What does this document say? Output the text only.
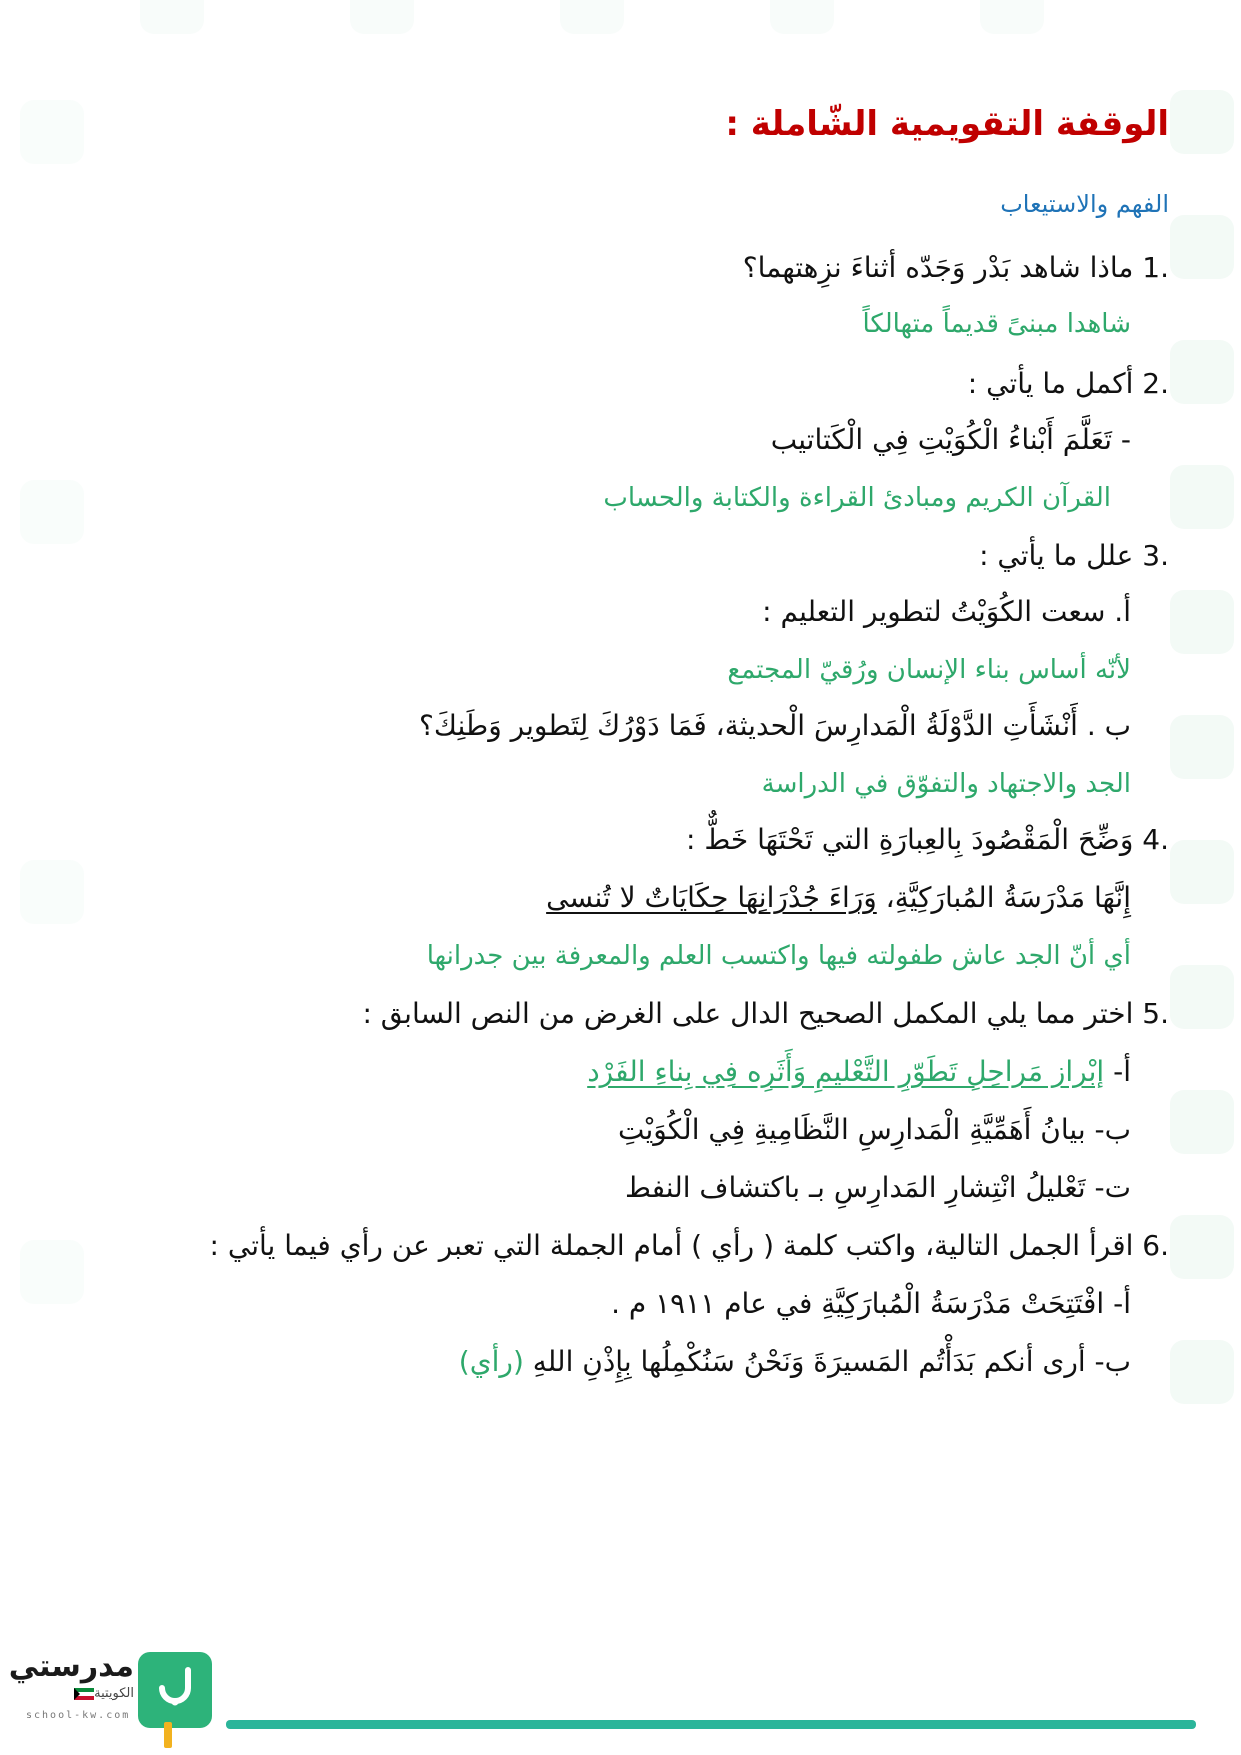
الوقفة التقويمية الشّاملة :
الفهم والاستيعاب
.1 ماذا شاهد بَدْر وَجَدّه أثناءَ نزِهتهما؟
شاهدا مبنىً قديماً متهالكاً
.2 أكمل ما يأتي :
- تَعَلَّمَ أَبْناءُ الْكُوَيْتِ فِي الْكَتاتيب
القرآن الكريم ومبادئ القراءة والكتابة والحساب
.3 علل ما يأتي :
أ. سعت الكُوَيْتُ لتطوير التعليم :
لأنّه أساس بناء الإنسان ورُقيّ المجتمع
ب . أَنْشَأَتِ الدَّوْلَةُ الْمَدارِسَ الْحديثة، فَمَا دَوْرُكَ لِتَطوير وَطَنِكَ؟
الجد والاجتهاد والتفوّق في الدراسة
.4 وَضِّحَ الْمَقْصُودَ بِالعِبارَةِ التي تَحْتَهَا خَطٌّ :
إِنَّهَا مَدْرَسَةُ المُبارَكِيَّةِ، وَرَاءَ جُدْرَانِهَا حِكَايَاتٌ لا تُنسى
أي أنّ الجد عاش طفولته فيها واكتسب العلم والمعرفة بين جدرانها
.5 اختر مما يلي المكمل الصحيح الدال على الغرض من النص السابق :
أ- إبْراز مَراحِلِ تَطَوّرِ التَّعْليمِ وَأَثَرِه فِي بِناءِ الفَرْد
ب- بيانُ أَهَمِّيَّةِ الْمَدارِسِ النَّظَامِيةِ فِي الْكُوَيْتِ
ت- تَعْليلُ انْتِشارِ المَدارِسِ بـ باكتشاف النفط
.6 اقرأ الجمل التالية، واكتب كلمة ( رأي ) أمام الجملة التي تعبر عن رأي فيما يأتي :
أ- افْتَتِحَتْ مَدْرَسَةُ الْمُبارَكِيَّةِ في عام ١٩١١ م .
ب- أرى أنكم بَدَأْتُم المَسيرَةَ وَنَحْنُ سَنُكْمِلُها بِإِذْنِ اللهِ (رأي)
مدرستي
الكويتية
school-kw.com
